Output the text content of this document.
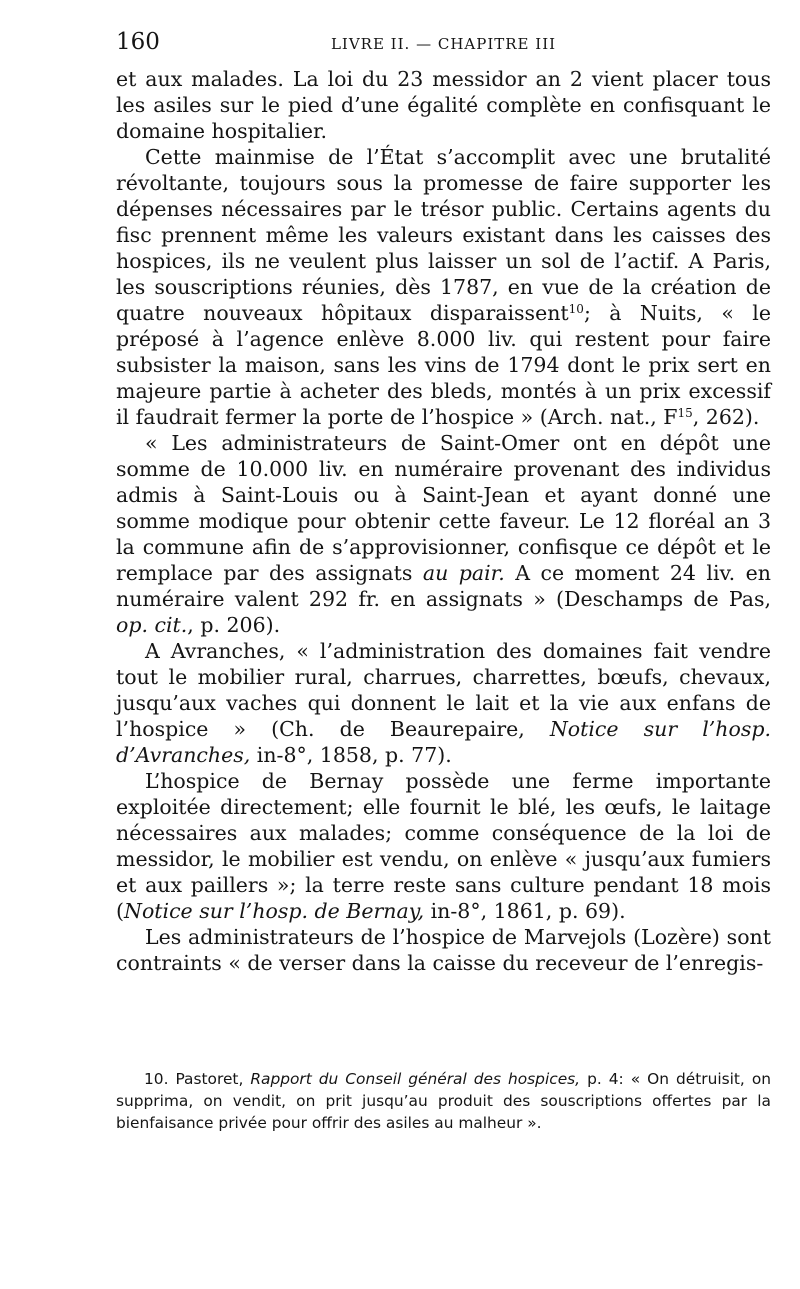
160	LIVRE II. — CHAPITRE III

et aux malades. La loi du 23 messidor an 2 vient placer tous les asiles sur le pied d’une égalité complète en confisquant le domaine hospitalier.

Cette mainmise de l’État s’accomplit avec une brutalité révoltante, toujours sous la promesse de faire supporter les dépenses nécessaires par le trésor public. Certains agents du fisc prennent même les valeurs existant dans les caisses des hospices, ils ne veulent plus laisser un sol de l’actif. A Paris, les souscriptions réunies, dès 1787, en vue de la création de quatre nouveaux hôpitaux disparaissent$^{10}$; à Nuits, « le préposé à l’agence enlève 8.000 liv. qui restent pour faire subsister la maison, sans les vins de 1794 dont le prix sert en majeure partie à acheter des bleds, montés à un prix excessif il faudrait fermer la porte de l’hospice » (Arch. nat., $F^{15}$, 262).

« Les administrateurs de Saint-Omer ont en dépôt une somme de 10.000 liv. en numéraire provenant des individus admis à Saint-Louis ou à Saint-Jean et ayant donné une somme modique pour obtenir cette faveur. Le 12 floréal an 3 la commune afin de s’approvisionner, confisque ce dépôt et le remplace par des assignats au pair. A ce moment 24 liv. en numéraire valent 292 fr. en assignats » (Deschamps de Pas, op. cit., p. 206).

A Avranches, « l’administration des domaines fait vendre tout le mobilier rural, charrues, charrettes, bœufs, chevaux, jusqu’aux vaches qui donnent le lait et la vie aux enfans de l’hospice » (Ch. de Beaurepaire, Notice sur l’hosp. d’Avranches, in-8°, 1858, p. 77).

L’hospice de Bernay possède une ferme importante exploitée directement; elle fournit le blé, les œufs, le laitage nécessaires aux malades; comme conséquence de la loi de messidor, le mobilier est vendu, on enlève « jusqu’aux fumiers et aux paillers »; la terre reste sans culture pendant 18 mois (Notice sur l’hosp. de Bernay, in-8°, 1861, p. 69).

Les administrateurs de l’hospice de Marvejols (Lozère) sont contraints « de verser dans la caisse du receveur de l’enregis-

10. Pastoret, Rapport du Conseil général des hospices, p. 4: « On détruisit, on supprima, on vendit, on prit jusqu’au produit des souscriptions offertes par la bienfaisance privée pour offrir des asiles au malheur ».
